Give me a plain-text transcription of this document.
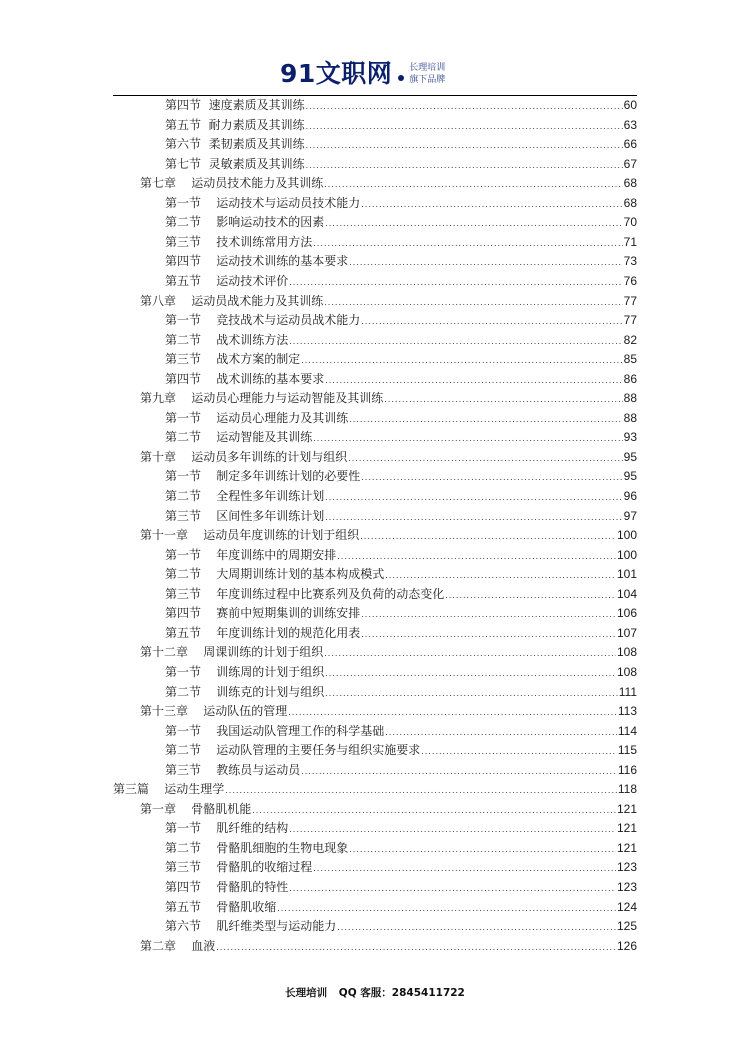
91文职网 长理培训
旗下品牌
第四节  速度素质及其训练 .....	60
第五节  耐力素质及其训练 .....	63
第六节  柔韧素质及其训练 .....	66
第七节  灵敏素质及其训练 .....	67
第七章    运动员技术能力及其训练 .....	68
第一节    运动技术与运动员技术能力 .....	68
第二节    影响运动技术的因素 .....	70
第三节    技术训练常用方法 .....	71
第四节    运动技术训练的基本要求 .....	73
第五节    运动技术评价 .....	76
第八章    运动员战术能力及其训练 .....	77
第一节    竞技战术与运动员战术能力 .....	77
第二节    战术训练方法 .....	82
第三节    战术方案的制定 .....	85
第四节    战术训练的基本要求 .....	86
第九章    运动员心理能力与运动智能及其训练 .....	88
第一节    运动员心理能力及其训练 .....	88
第二节    运动智能及其训练 .....	93
第十章    运动员多年训练的计划与组织 .....	95
第一节    制定多年训练计划的必要性 .....	95
第二节    全程性多年训练计划 .....	96
第三节    区间性多年训练计划 .....	97
第十一章    运动员年度训练的计划于组织 .....	100
第一节    年度训练中的周期安排 .....	100
第二节    大周期训练计划的基本构成模式 .....	101
第三节    年度训练过程中比赛系列及负荷的动态变化 .....	104
第四节    赛前中短期集训的训练安排 .....	106
第五节    年度训练计划的规范化用表 .....	107
第十二章    周课训练的计划于组织 .....	108
第一节    训练周的计划于组织 .....	108
第二节    训练克的计划与组织 .....	111
第十三章    运动队伍的管理 .....	113
第一节    我国运动队管理工作的科学基础 .....	114
第二节    运动队管理的主要任务与组织实施要求 .....	115
第三节    教练员与运动员 .....	116
第三篇    运动生理学 .....	118
第一章    骨骼肌机能 .....	121
第一节    肌纤维的结构 .....	121
第二节    骨骼肌细胞的生物电现象 .....	121
第三节    骨骼肌的收缩过程 .....	123
第四节    骨骼肌的特性 .....	123
第五节    骨骼肌收缩 .....	124
第六节    肌纤维类型与运动能力 .....	125
第二章    血液 .....	126
长理培训 QQ 客服：2845411722
